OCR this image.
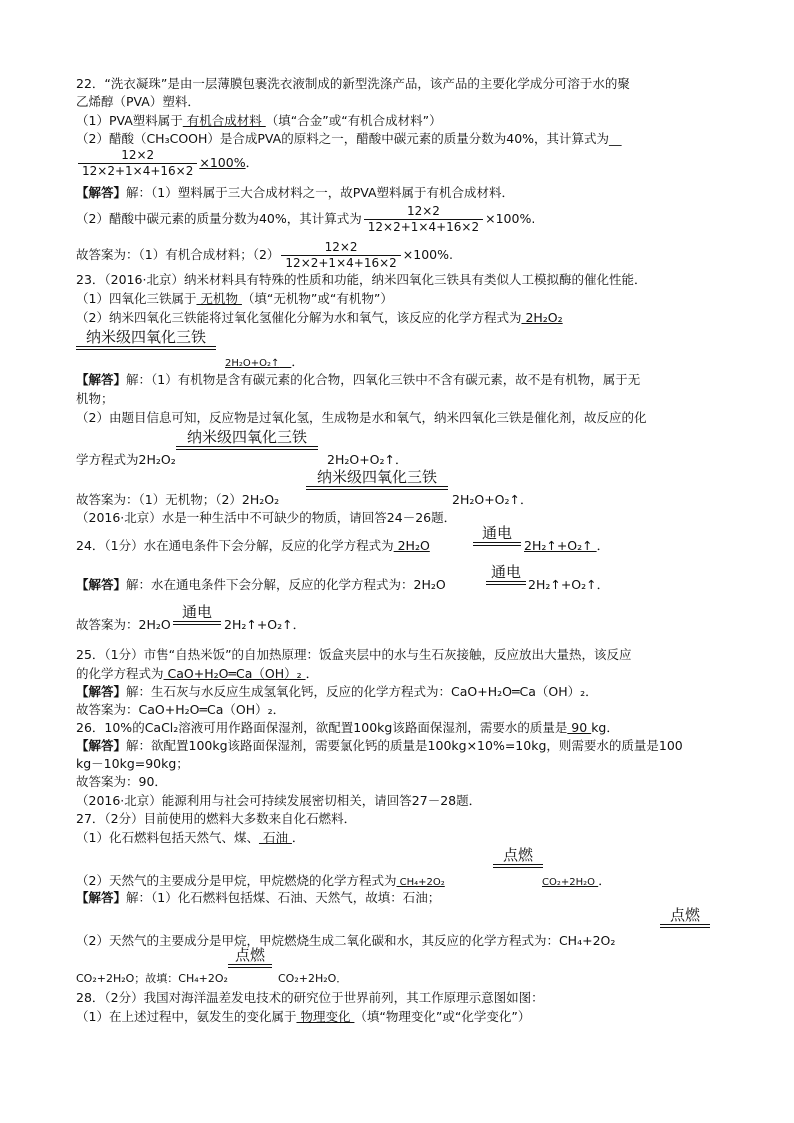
22．“洗衣凝珠”是由一层薄膜包裹洗衣液制成的新型洗涤产品，该产品的主要化学成分可溶于水的聚
乙烯醇（PVA）塑料．
（1）PVA塑料属于 有机合成材料 （填“合金”或“有机合成材料”）
（2）醋酸（CH₃COOH）是合成PVA的原料之一，醋酸中碳元素的质量分数为40%，其计算式为__
$\frac{12\times 2}{12\times 2+1\times 4+16\times 2} \times 100\%$．
【解答】解：（1）塑料属于三大合成材料之一，故PVA塑料属于有机合成材料．
（2）醋酸中碳元素的质量分数为40%，其计算式为 $\frac{12\times 2}{12\times 2+1\times 4+16\times 2} \times 100\%$.
故答案为：（1）有机合成材料；$(2) \frac{12\times 2}{12\times 2+1\times 4+16\times 2} \times 100\%$.
23．（2016·北京）纳米材料具有特殊的性质和功能，纳米四氧化三铁具有类似人工模拟酶的催化性能．
（1）四氧化三铁属于 无机物 （填“无机物”或“有机物”）
（2）纳米四氧化三铁能将过氧化氢催化分解为水和氧气，该反应的化学方程式为 2H₂O₂
纳米级四氧化三铁
2H₂O+O₂↑ ．
【解答】解：（1）有机物是含有碳元素的化合物，四氧化三铁中不含有碳元素，故不是有机物，属于无
机物；
（2）由题目信息可知，反应物是过氧化氢，生成物是水和氧气，纳米四氧化三铁是催化剂，故反应的化
纳米级四氧化三铁
学方程式为2H₂O₂	2H₂O+O₂↑．
纳米级四氧化三铁
故答案为：（1）无机物；（2）2H₂O₂	2H₂O+O₂↑．
（2016·北京）水是一种生活中不可缺少的物质，请回答24－26题．
通电
24．（1分）水在通电条件下会分解，反应的化学方程式为 2H₂O	2H₂↑+O₂↑ ．
通电
【解答】解：水在通电条件下会分解，反应的化学方程式为：2H₂O	2H₂↑+O₂↑．
通电
故答案为：2H₂O	2H₂↑+O₂↑．
25．（1分）市售“自热米饭”的自加热原理：饭盒夹层中的水与生石灰接触，反应放出大量热，该反应
的化学方程式为 CaO+H₂O═Ca（OH）₂ ．
【解答】解：生石灰与水反应生成氢氧化钙，反应的化学方程式为：CaO+H₂O═Ca（OH）₂．
故答案为：CaO+H₂O═Ca（OH）₂．
26．10%的CaCl₂溶液可用作路面保湿剂，欲配置100kg该路面保湿剂，需要水的质量是 90 kg．
【解答】解：欲配置100kg该路面保湿剂，需要氯化钙的质量是100kg×10%=10kg，则需要水的质量是100
kg－10kg=90kg；
故答案为：90．
（2016·北京）能源利用与社会可持续发展密切相关，请回答27－28题．
27．（2分）目前使用的燃料大多数来自化石燃料．
（1）化石燃料包括天然气、煤、 石油 ．
点燃
（2）天然气的主要成分是甲烷，甲烷燃烧的化学方程式为 CH₄+2O₂	CO₂+2H₂O ．
【解答】解：（1）化石燃料包括煤、石油、天然气，故填：石油；
点燃
（2）天然气的主要成分是甲烷，甲烷燃烧生成二氧化碳和水，其反应的化学方程式为：CH₄+2O₂
点燃
CO₂+2H₂O；故填：CH₄+2O₂	CO₂+2H₂O．
28．（2分）我国对海洋温差发电技术的研究位于世界前列，其工作原理示意图如图：
（1）在上述过程中，氨发生的变化属于 物理变化 （填“物理变化”或“化学变化”）
